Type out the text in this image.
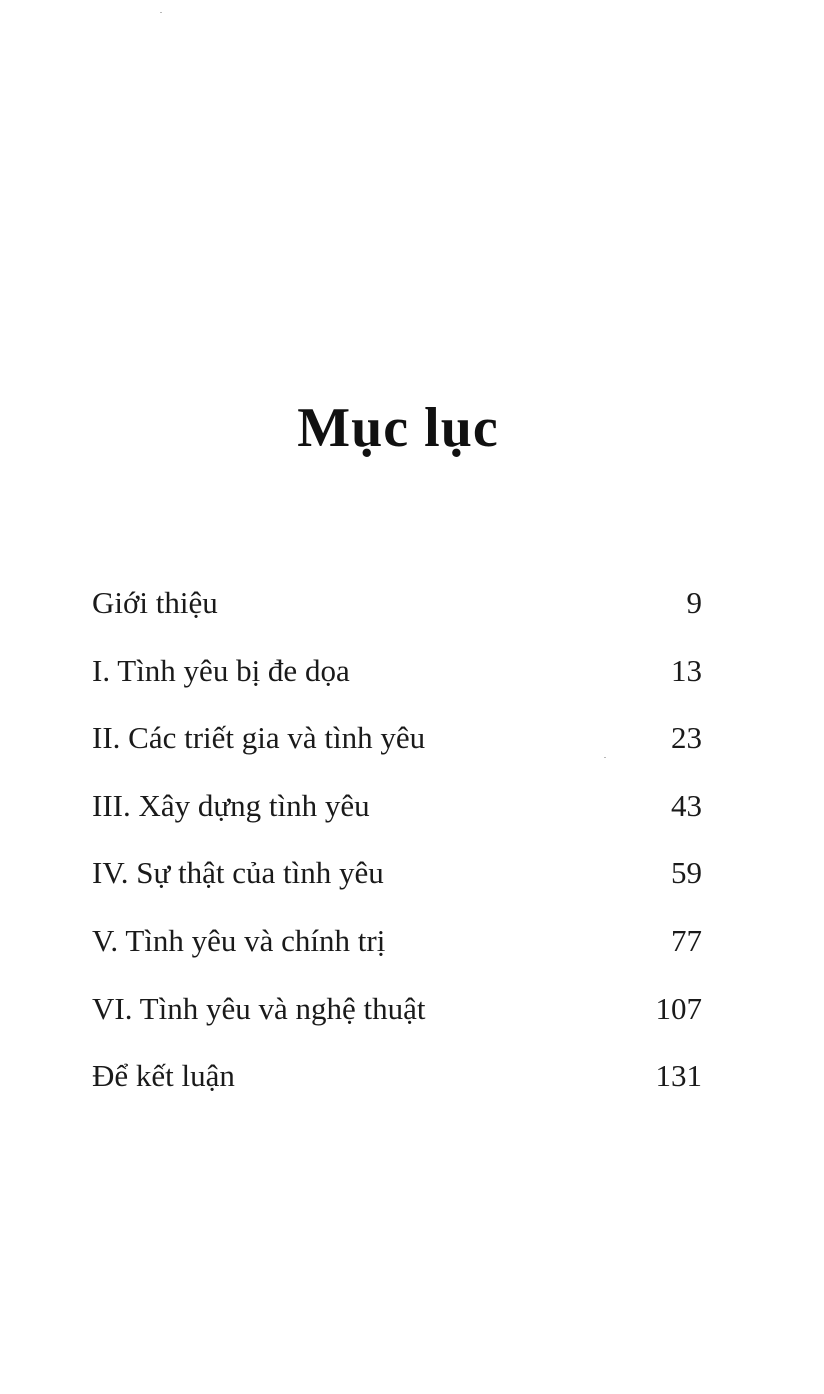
Mục lục
Giới thiệu	9
I. Tình yêu bị đe dọa	13
II. Các triết gia và tình yêu	23
III. Xây dựng tình yêu	43
IV. Sự thật của tình yêu	59
V. Tình yêu và chính trị	77
VI. Tình yêu và nghệ thuật	107
Để kết luận	131
